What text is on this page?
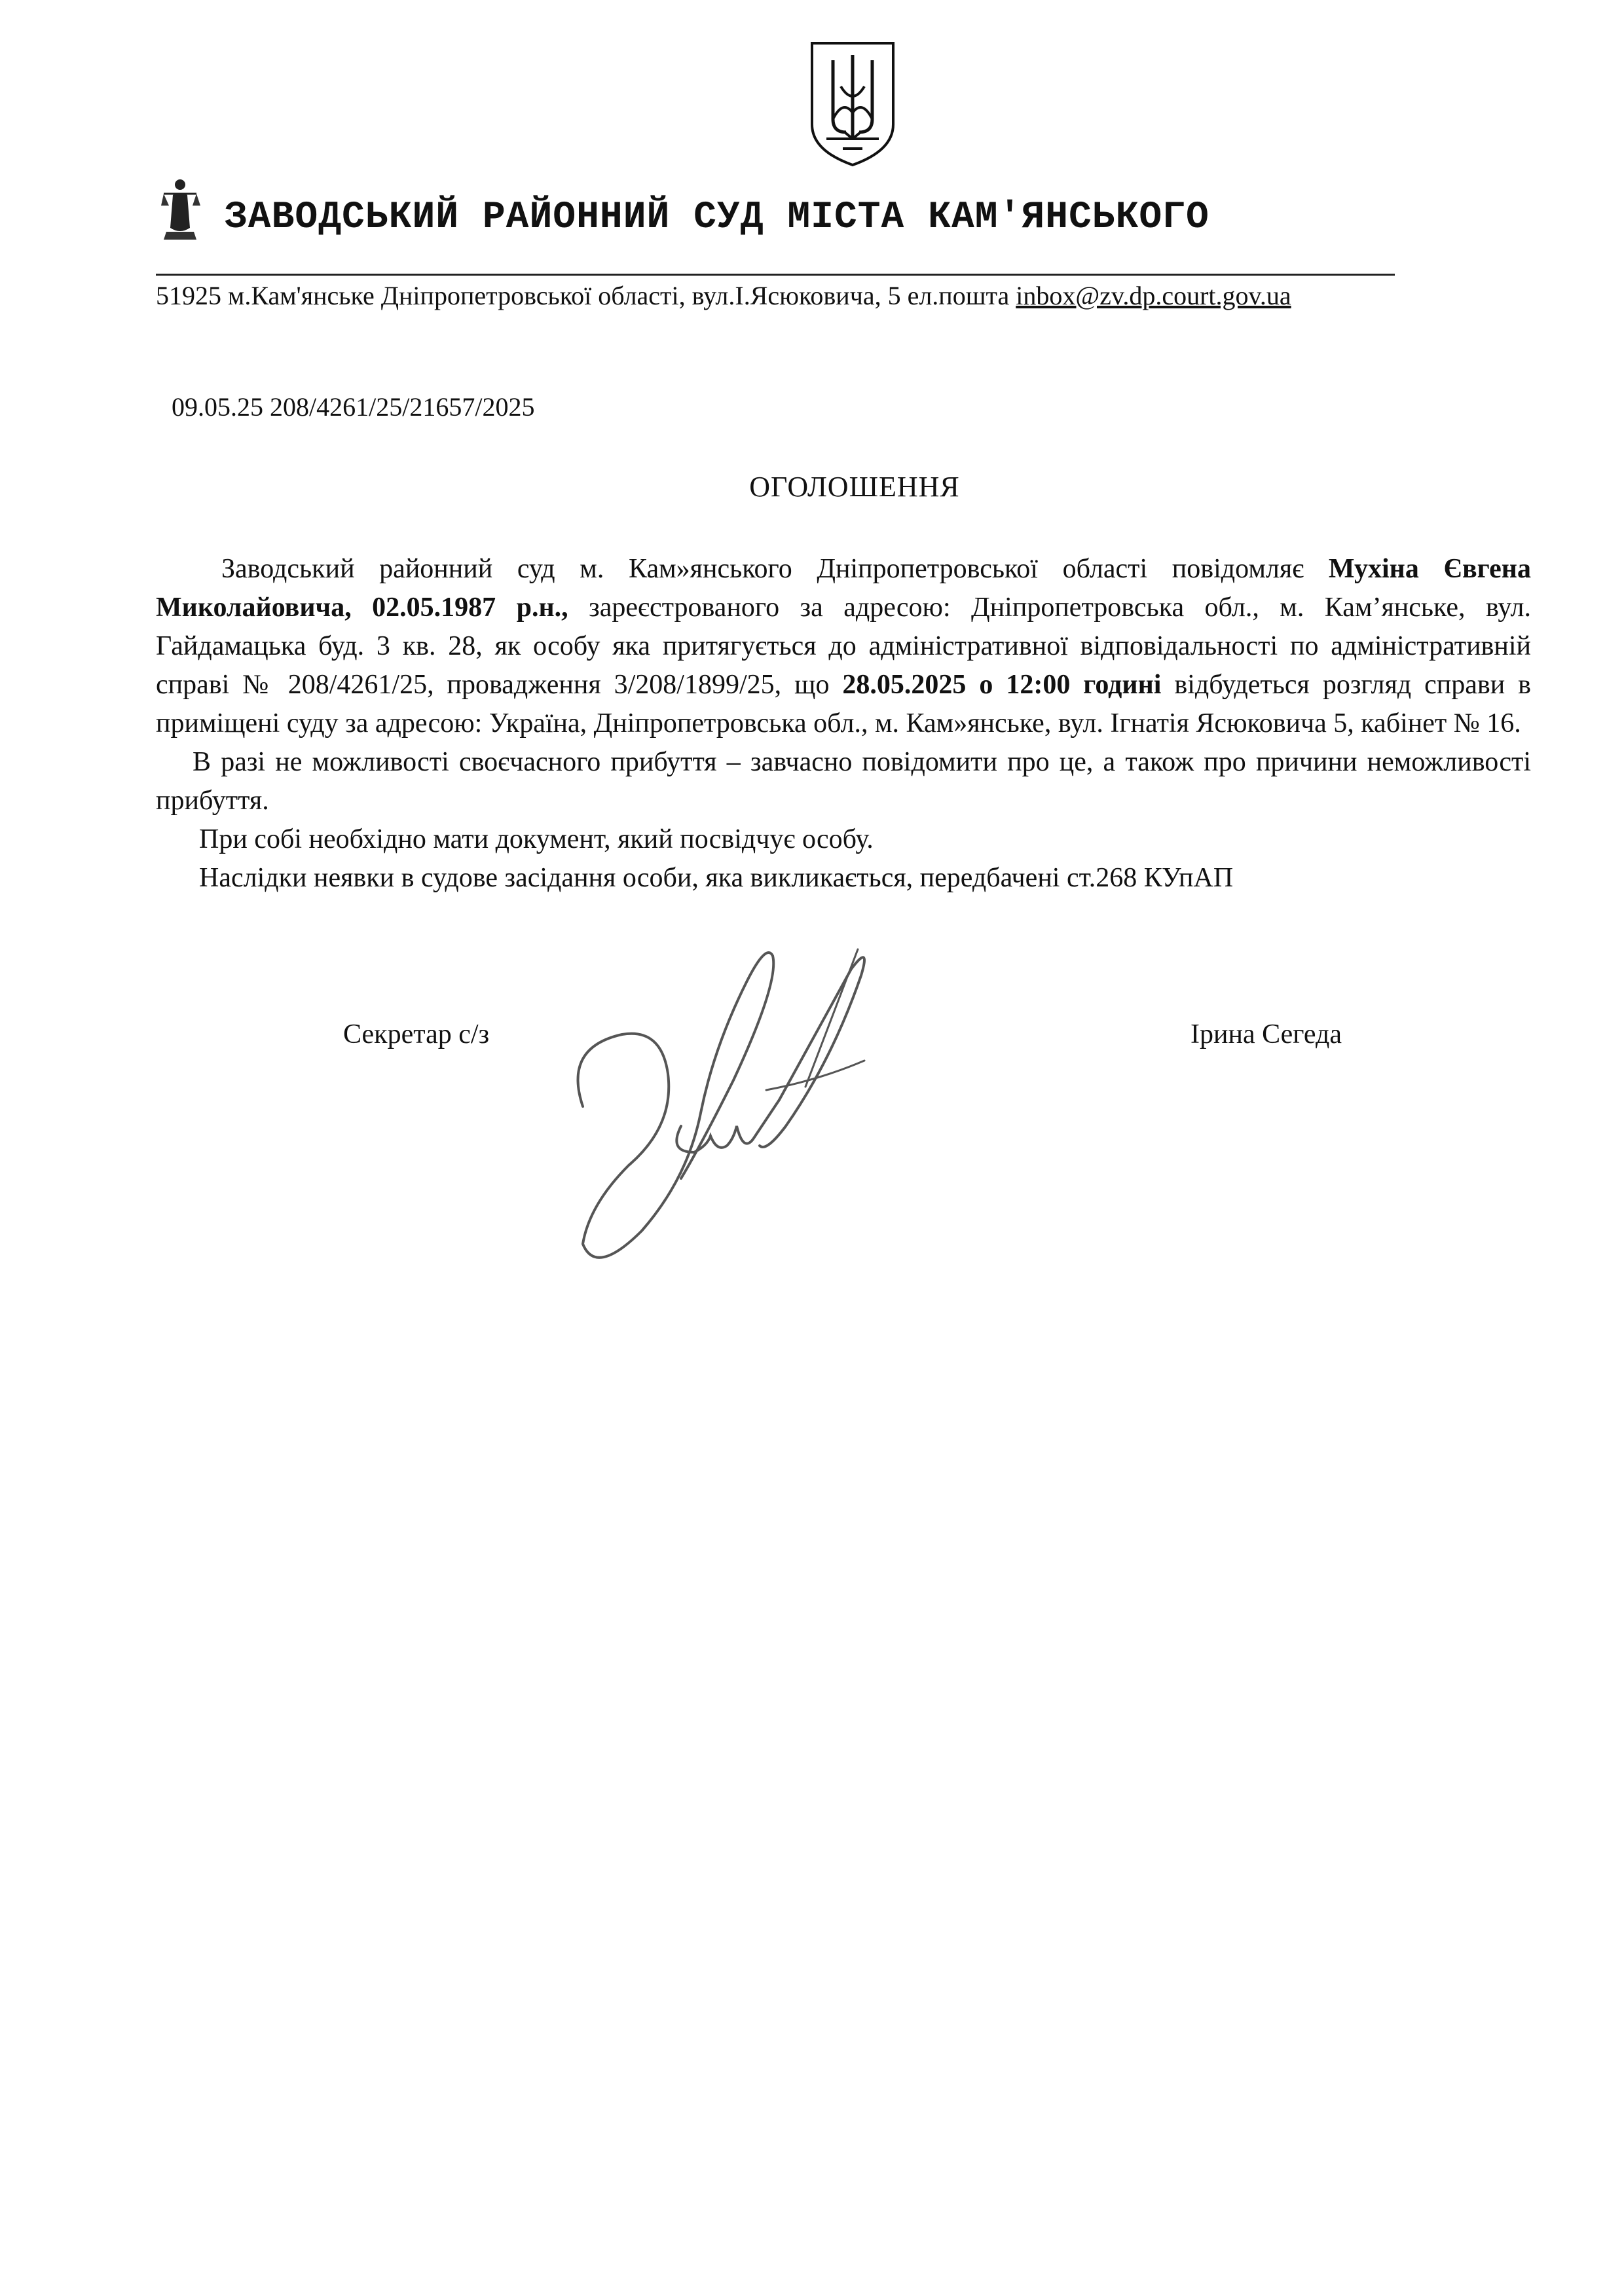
ЗАВОДСЬКИЙ РАЙОННИЙ СУД МІСТА КАМ'ЯНСЬКОГО
51925 м.Кам'янське Дніпропетровської області, вул.І.Ясюковича, 5 ел.пошта inbox@zv.dp.court.gov.ua
09.05.25 208/4261/25/21657/2025
ОГОЛОШЕННЯ

Заводський районний суд м. Кам»янського Дніпропетровської області повідомляє Мухіна Євгена Миколайовича, 02.05.1987 р.н., зареєстрованого за адресою: Дніпропетровська обл., м. Кам’янське, вул. Гайдамацька буд. 3 кв. 28, як особу яка притягується до адміністративної відповідальності по адміністративній справі № 208/4261/25, провадження 3/208/1899/25, що 28.05.2025 о 12:00 годині відбудеться розгляд справи в приміщені суду за адресою: Україна, Дніпропетровська обл., м. Кам»янське, вул. Ігнатія Ясюковича 5, кабінет № 16.

В разі не можливості своєчасного прибуття – завчасно повідомити про це, а також про причини неможливості прибуття.

При собі необхідно мати документ, який посвідчує особу.

Наслідки неявки в судове засідання особи, яка викликається, передбачені ст.268 КУпАП

Секретар с/з	Ірина Сегеда
